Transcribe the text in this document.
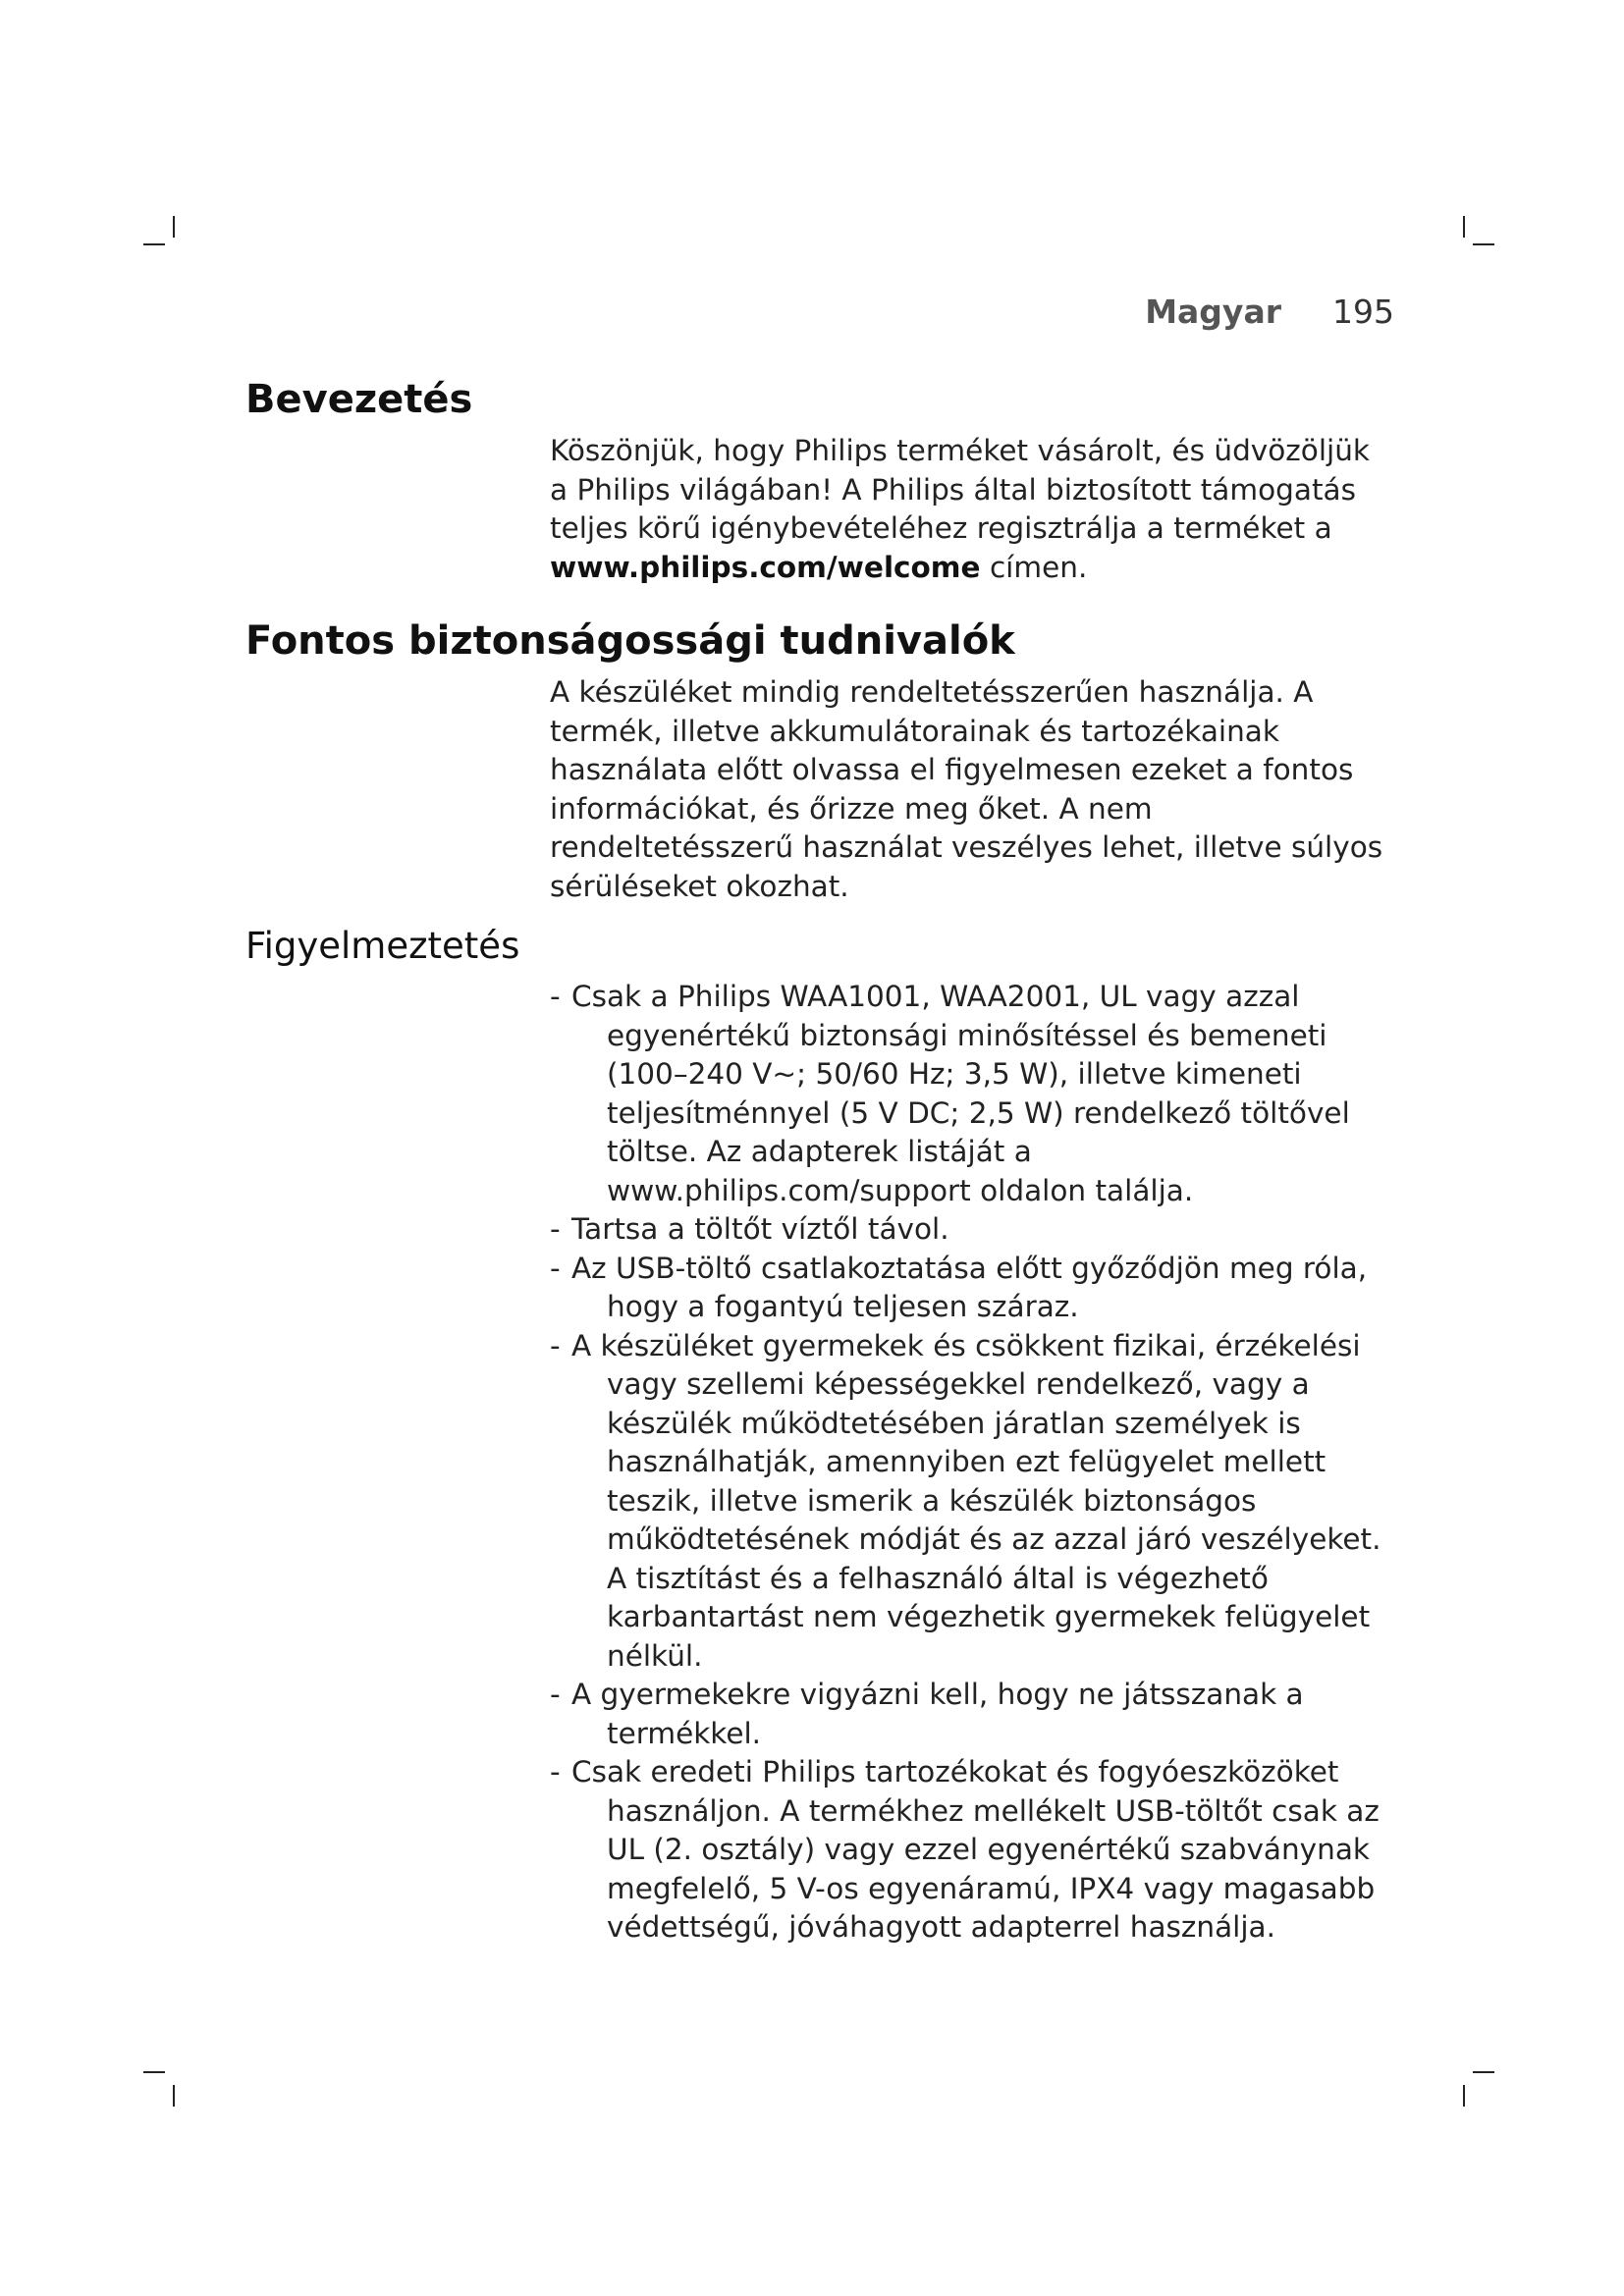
Magyar 195
Bevezetés
Köszönjük, hogy Philips terméket vásárolt, és üdvözöljük a Philips világában! A Philips által biztosított támogatás teljes körű igénybevételéhez regisztrálja a terméket a www.philips.com/welcome címen.
Fontos biztonságossági tudnivalók
A készüléket mindig rendeltetésszerűen használja. A termék, illetve akkumulátorainak és tartozékainak használata előtt olvassa el figyelmesen ezeket a fontos információkat, és őrizze meg őket. A nem rendeltetésszerű használat veszélyes lehet, illetve súlyos sérüléseket okozhat.
Figyelmeztetés
- Csak a Philips WAA1001, WAA2001, UL vagy azzal egyenértékű biztonsági minősítéssel és bemeneti (100–240 V~; 50/60 Hz; 3,5 W), illetve kimeneti teljesítménnyel (5 V DC; 2,5 W) rendelkező töltővel töltse. Az adapterek listáját a www.philips.com/support oldalon találja.
- Tartsa a töltőt víztől távol.
- Az USB-töltő csatlakoztatása előtt győződjön meg róla, hogy a fogantyú teljesen száraz.
- A készüléket gyermekek és csökkent fizikai, érzékelési vagy szellemi képességekkel rendelkező, vagy a készülék működtetésében járatlan személyek is használhatják, amennyiben ezt felügyelet mellett teszik, illetve ismerik a készülék biztonságos működtetésének módját és az azzal járó veszélyeket. A tisztítást és a felhasználó által is végezhető karbantartást nem végezhetik gyermekek felügyelet nélkül.
- A gyermekekre vigyázni kell, hogy ne játsszanak a termékkel.
- Csak eredeti Philips tartozékokat és fogyóeszközöket használjon. A termékhez mellékelt USB-töltőt csak az UL (2. osztály) vagy ezzel egyenértékű szabványnak megfelelő, 5 V-os egyenáramú, IPX4 vagy magasabb védettségű, jóváhagyott adapterrel használja.
